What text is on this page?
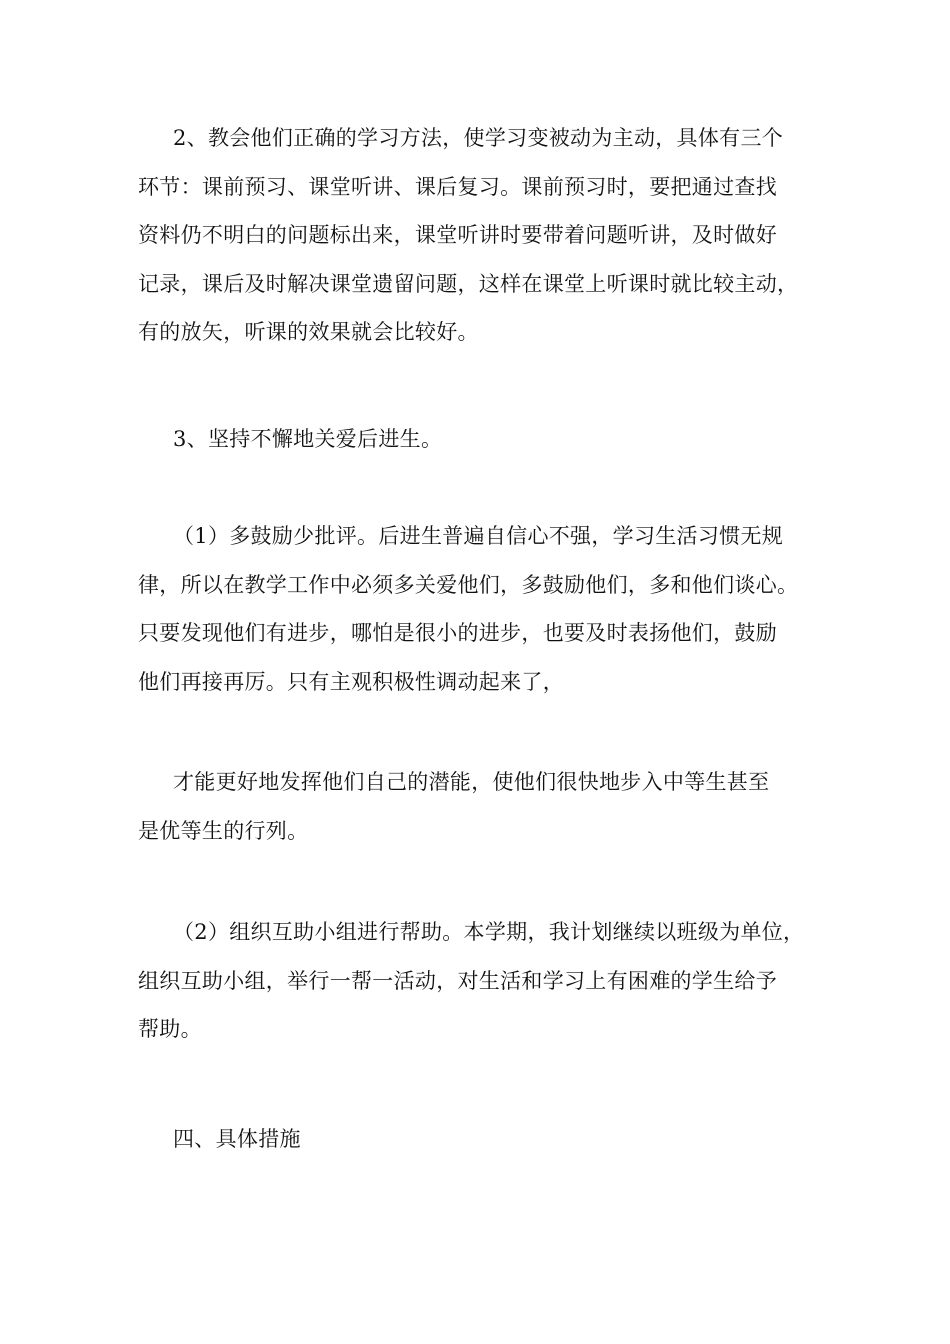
2、教会他们正确的学习方法，使学习变被动为主动，具体有三个
环节：课前预习、课堂听讲、课后复习。课前预习时，要把通过查找
资料仍不明白的问题标出来，课堂听讲时要带着问题听讲，及时做好
记录，课后及时解决课堂遗留问题，这样在课堂上听课时就比较主动，
有的放矢，听课的效果就会比较好。
3、坚持不懈地关爱后进生。
（1）多鼓励少批评。后进生普遍自信心不强，学习生活习惯无规
律，所以在教学工作中必须多关爱他们，多鼓励他们，多和他们谈心。
只要发现他们有进步，哪怕是很小的进步，也要及时表扬他们，鼓励
他们再接再厉。只有主观积极性调动起来了，
才能更好地发挥他们自己的潜能，使他们很快地步入中等生甚至
是优等生的行列。
（2）组织互助小组进行帮助。本学期，我计划继续以班级为单位，
组织互助小组，举行一帮一活动，对生活和学习上有困难的学生给予
帮助。
四、具体措施
